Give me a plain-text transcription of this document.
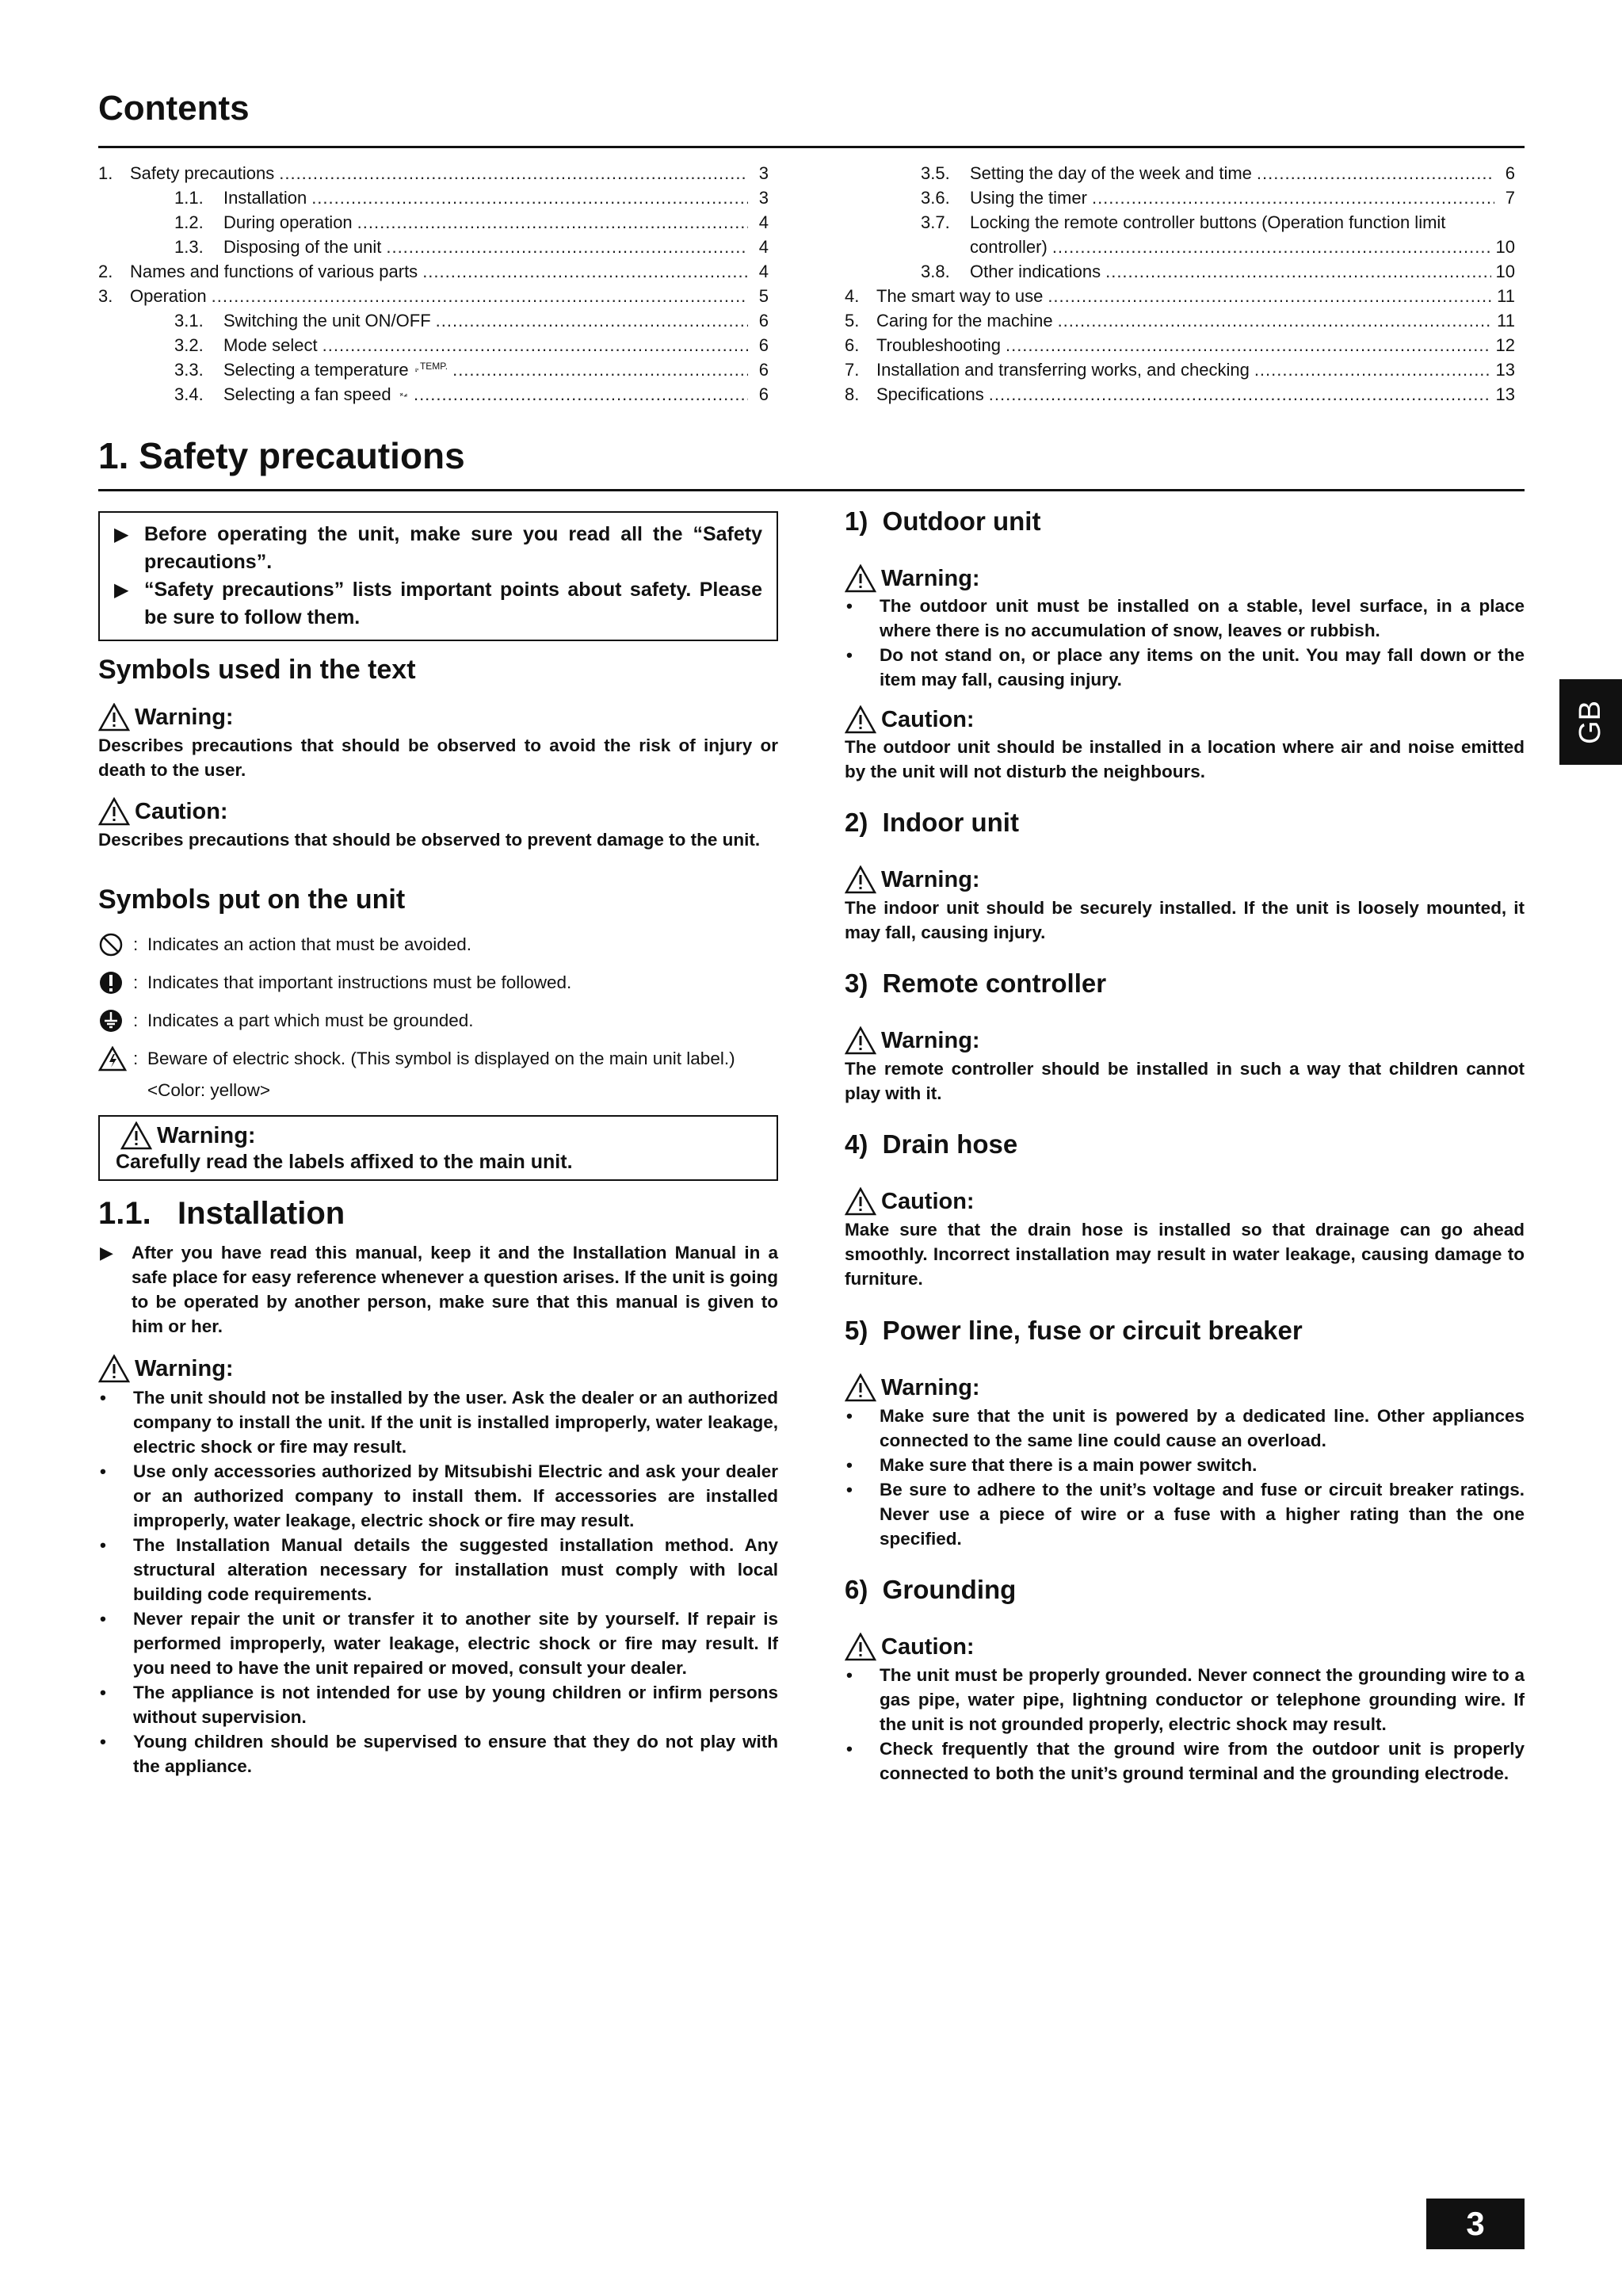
Contents
1. Safety precautions .....	3
1.1.	Installation .....	3
1.2.	During operation .....	4
1.3.	Disposing of the unit .....	4
2. Names and functions of various parts .....	4
3. Operation .....	5
3.1.	Switching the unit ON/OFF .....	6
3.2.	Mode select .....	6
3.3.	Selecting a temperature TEMP. .....	6
3.4.	Selecting a fan speed .....	6
3.5.	Setting the day of the week and time .....	6
3.6.	Using the timer .....	7
3.7.	Locking the remote controller buttons (Operation function limit
controller) .....	10
3.8.	Other indications .....	10
4. The smart way to use .....	11
5. Caring for the machine .....	11
6. Troubleshooting .....	12
7. Installation and transferring works, and checking .....	13
8. Specifications .....	13
1. Safety precautions
▶ Before operating the unit, make sure you read all the “Safety precautions”.
▶ “Safety precautions” lists important points about safety. Please be sure to follow them.
Symbols used in the text
Warning:
Describes precautions that should be observed to avoid the risk of injury or death to the user.
Caution:
Describes precautions that should be observed to prevent damage to the unit.
Symbols put on the unit
: Indicates an action that must be avoided.
: Indicates that important instructions must be followed.
: Indicates a part which must be grounded.
: Beware of electric shock. (This symbol is displayed on the main unit label.)
<Color: yellow>
Warning:
Carefully read the labels affixed to the main unit.
1.1.   Installation
▶	After you have read this manual, keep it and the Installation Manual in a safe place for easy reference whenever a question arises. If the unit is going to be operated by another person, make sure that this manual is given to him or her.
Warning:
•	The unit should not be installed by the user. Ask the dealer or an authorized company to install the unit. If the unit is installed improperly, water leakage, electric shock or fire may result.
•	Use only accessories authorized by Mitsubishi Electric and ask your dealer or an authorized company to install them. If accessories are installed improperly, water leakage, electric shock or fire may result.
•	The Installation Manual details the suggested installation method. Any structural alteration necessary for installation must comply with local building code requirements.
•	Never repair the unit or transfer it to another site by yourself. If repair is performed improperly, water leakage, electric shock or fire may result. If you need to have the unit repaired or moved, consult your dealer.
•	The appliance is not intended for use by young children or infirm persons without supervision.
•	Young children should be supervised to ensure that they do not play with the appliance.
1)  Outdoor unit
Warning:
•	The outdoor unit must be installed on a stable, level surface, in a place where there is no accumulation of snow, leaves or rubbish.
•	Do not stand on, or place any items on the unit. You may fall down or the item may fall, causing injury.
Caution:
The outdoor unit should be installed in a location where air and noise emitted by the unit will not disturb the neighbours.
2)  Indoor unit
Warning:
The indoor unit should be securely installed. If the unit is loosely mounted, it may fall, causing injury.
3)  Remote controller
Warning:
The remote controller should be installed in such a way that children cannot play with it.
4)  Drain hose
Caution:
Make sure that the drain hose is installed so that drainage can go ahead smoothly. Incorrect installation may result in water leakage, causing damage to furniture.
5)  Power line, fuse or circuit breaker
Warning:
•	Make sure that the unit is powered by a dedicated line. Other appliances connected to the same line could cause an overload.
•	Make sure that there is a main power switch.
•	Be sure to adhere to the unit’s voltage and fuse or circuit breaker ratings. Never use a piece of wire or a fuse with a higher rating than the one specified.
6)  Grounding
Caution:
•	The unit must be properly grounded. Never connect the grounding wire to a gas pipe, water pipe, lightning conductor or telephone grounding wire. If the unit is not grounded properly, electric shock may result.
•	Check frequently that the ground wire from the outdoor unit is properly connected to both the unit’s ground terminal and the grounding electrode.
GB
3
